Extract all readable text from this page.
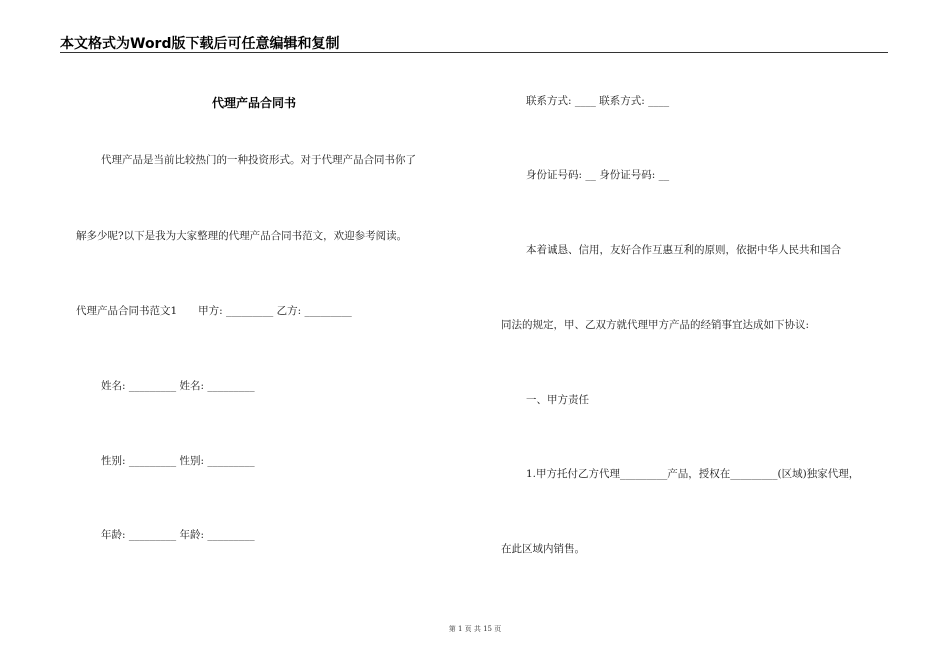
本文格式为Word版下载后可任意编辑和复制
代理产品合同书
代理产品是当前比较热门的一种投资形式。对于代理产品合同书你了
解多少呢?以下是我为大家整理的代理产品合同书范文，欢迎参考阅读。
代理产品合同书范文1　　甲方: _________ 乙方: _________
姓名: _________ 姓名: _________
性别: _________ 性别: _________
年龄: _________ 年龄: _________
联系方式: ____ 联系方式: ____
身份证号码: __ 身份证号码: __
本着诚恳、信用，友好合作互惠互利的原则，依据中华人民共和国合
同法的规定，甲、乙双方就代理甲方产品的经销事宜达成如下协议:
一、甲方责任
1.甲方托付乙方代理_________产品，授权在_________(区域)独家代理，
在此区域内销售。
第 1 页 共 15 页
